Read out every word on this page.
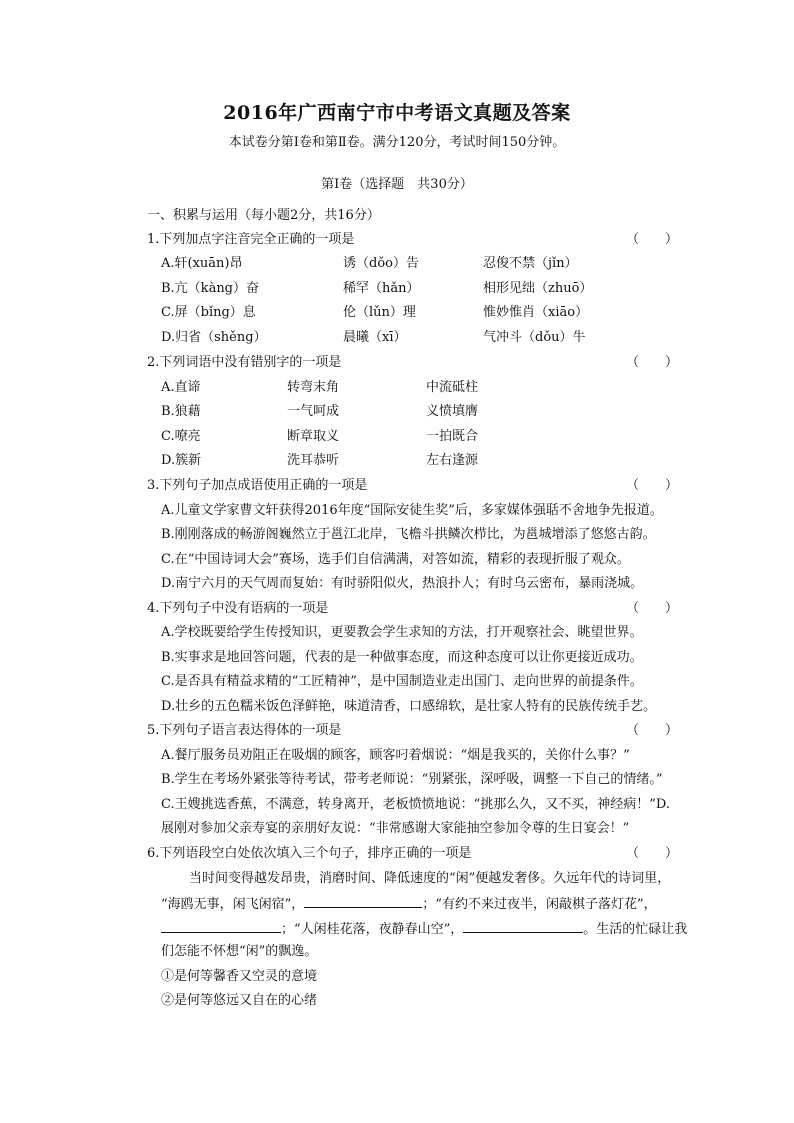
2016年广西南宁市中考语文真题及答案
本试卷分第Ⅰ卷和第Ⅱ卷。满分120分，考试时间150分钟。
第Ⅰ卷（选择题　共30分）
一、积累与运用（每小题2分，共16分）
1.下列加点字注音完全正确的一项是	（　　）
A.轩(xuān)昂	诱（dǒo）告	忍俊不禁（jǐn）
B.亢（kàng）奋	稀罕（hǎn）	相形见绌（zhuō）
C.屏（bǐng）息	伦（lǔn）理	惟妙惟肖（xiāo）
D.归省（shěng）	晨曦（xī）	气冲斗（dǒu）牛
2.下列词语中没有错别字的一项是	（　　）
A.直谛	转弯末角	中流砥柱
B.狼藉	一气呵成	义愤填膺
C.嘹亮	断章取义	一拍既合
D.簇新	洗耳恭听	左右逢源
3.下列句子加点成语使用正确的一项是	（　　）
A.儿童文学家曹文轩获得2016年度“国际安徒生奖”后，多家媒体强聒不舍地争先报道。
B.刚刚落成的畅游阁巍然立于邕江北岸，飞檐斗拱鳞次栉比，为邕城增添了悠悠古韵。
C.在“中国诗词大会”赛场，选手们自信满满，对答如流，精彩的表现折服了观众。
D.南宁六月的天气周而复始：有时骄阳似火，热浪扑人；有时乌云密布，暴雨浇城。
4.下列句子中没有语病的一项是	（　　）
A.学校既要给学生传授知识，更要教会学生求知的方法，打开观察社会、眺望世界。
B.实事求是地回答问题，代表的是一种做事态度，而这种态度可以让你更接近成功。
C.是否具有精益求精的“工匠精神”，是中国制造业走出国门、走向世界的前提条件。
D.壮乡的五色糯米饭色泽鲜艳，味道清香，口感绵软，是壮家人特有的民族传统手艺。
5.下列句子语言表达得体的一项是	（　　）
A.餐厅服务员劝阻正在吸烟的顾客，顾客叼着烟说：“烟是我买的，关你什么事？”
B.学生在考场外紧张等待考试，带考老师说：“别紧张，深呼吸，调整一下自己的情绪。”
C.王嫂挑选香蕉，不满意，转身离开，老板愤愤地说：“挑那么久，又不买，神经病！”D.
展刚对参加父亲寿宴的亲朋好友说：“非常感谢大家能抽空参加令尊的生日宴会！”
6.下列语段空白处依次填入三个句子，排序正确的一项是	（　　）
当时间变得越发昂贵，消磨时间、降低速度的“闲”便越发奢侈。久远年代的诗词里，
“海鸥无事，闲飞闲宿”，	；“有约不来过夜半，闲敲棋子落灯花”，
；“人闲桂花落，夜静春山空”，	。生活的忙碌让我
们怎能不怀想“闲”的飘逸。
①是何等馨香又空灵的意境
②是何等悠远又自在的心绪
